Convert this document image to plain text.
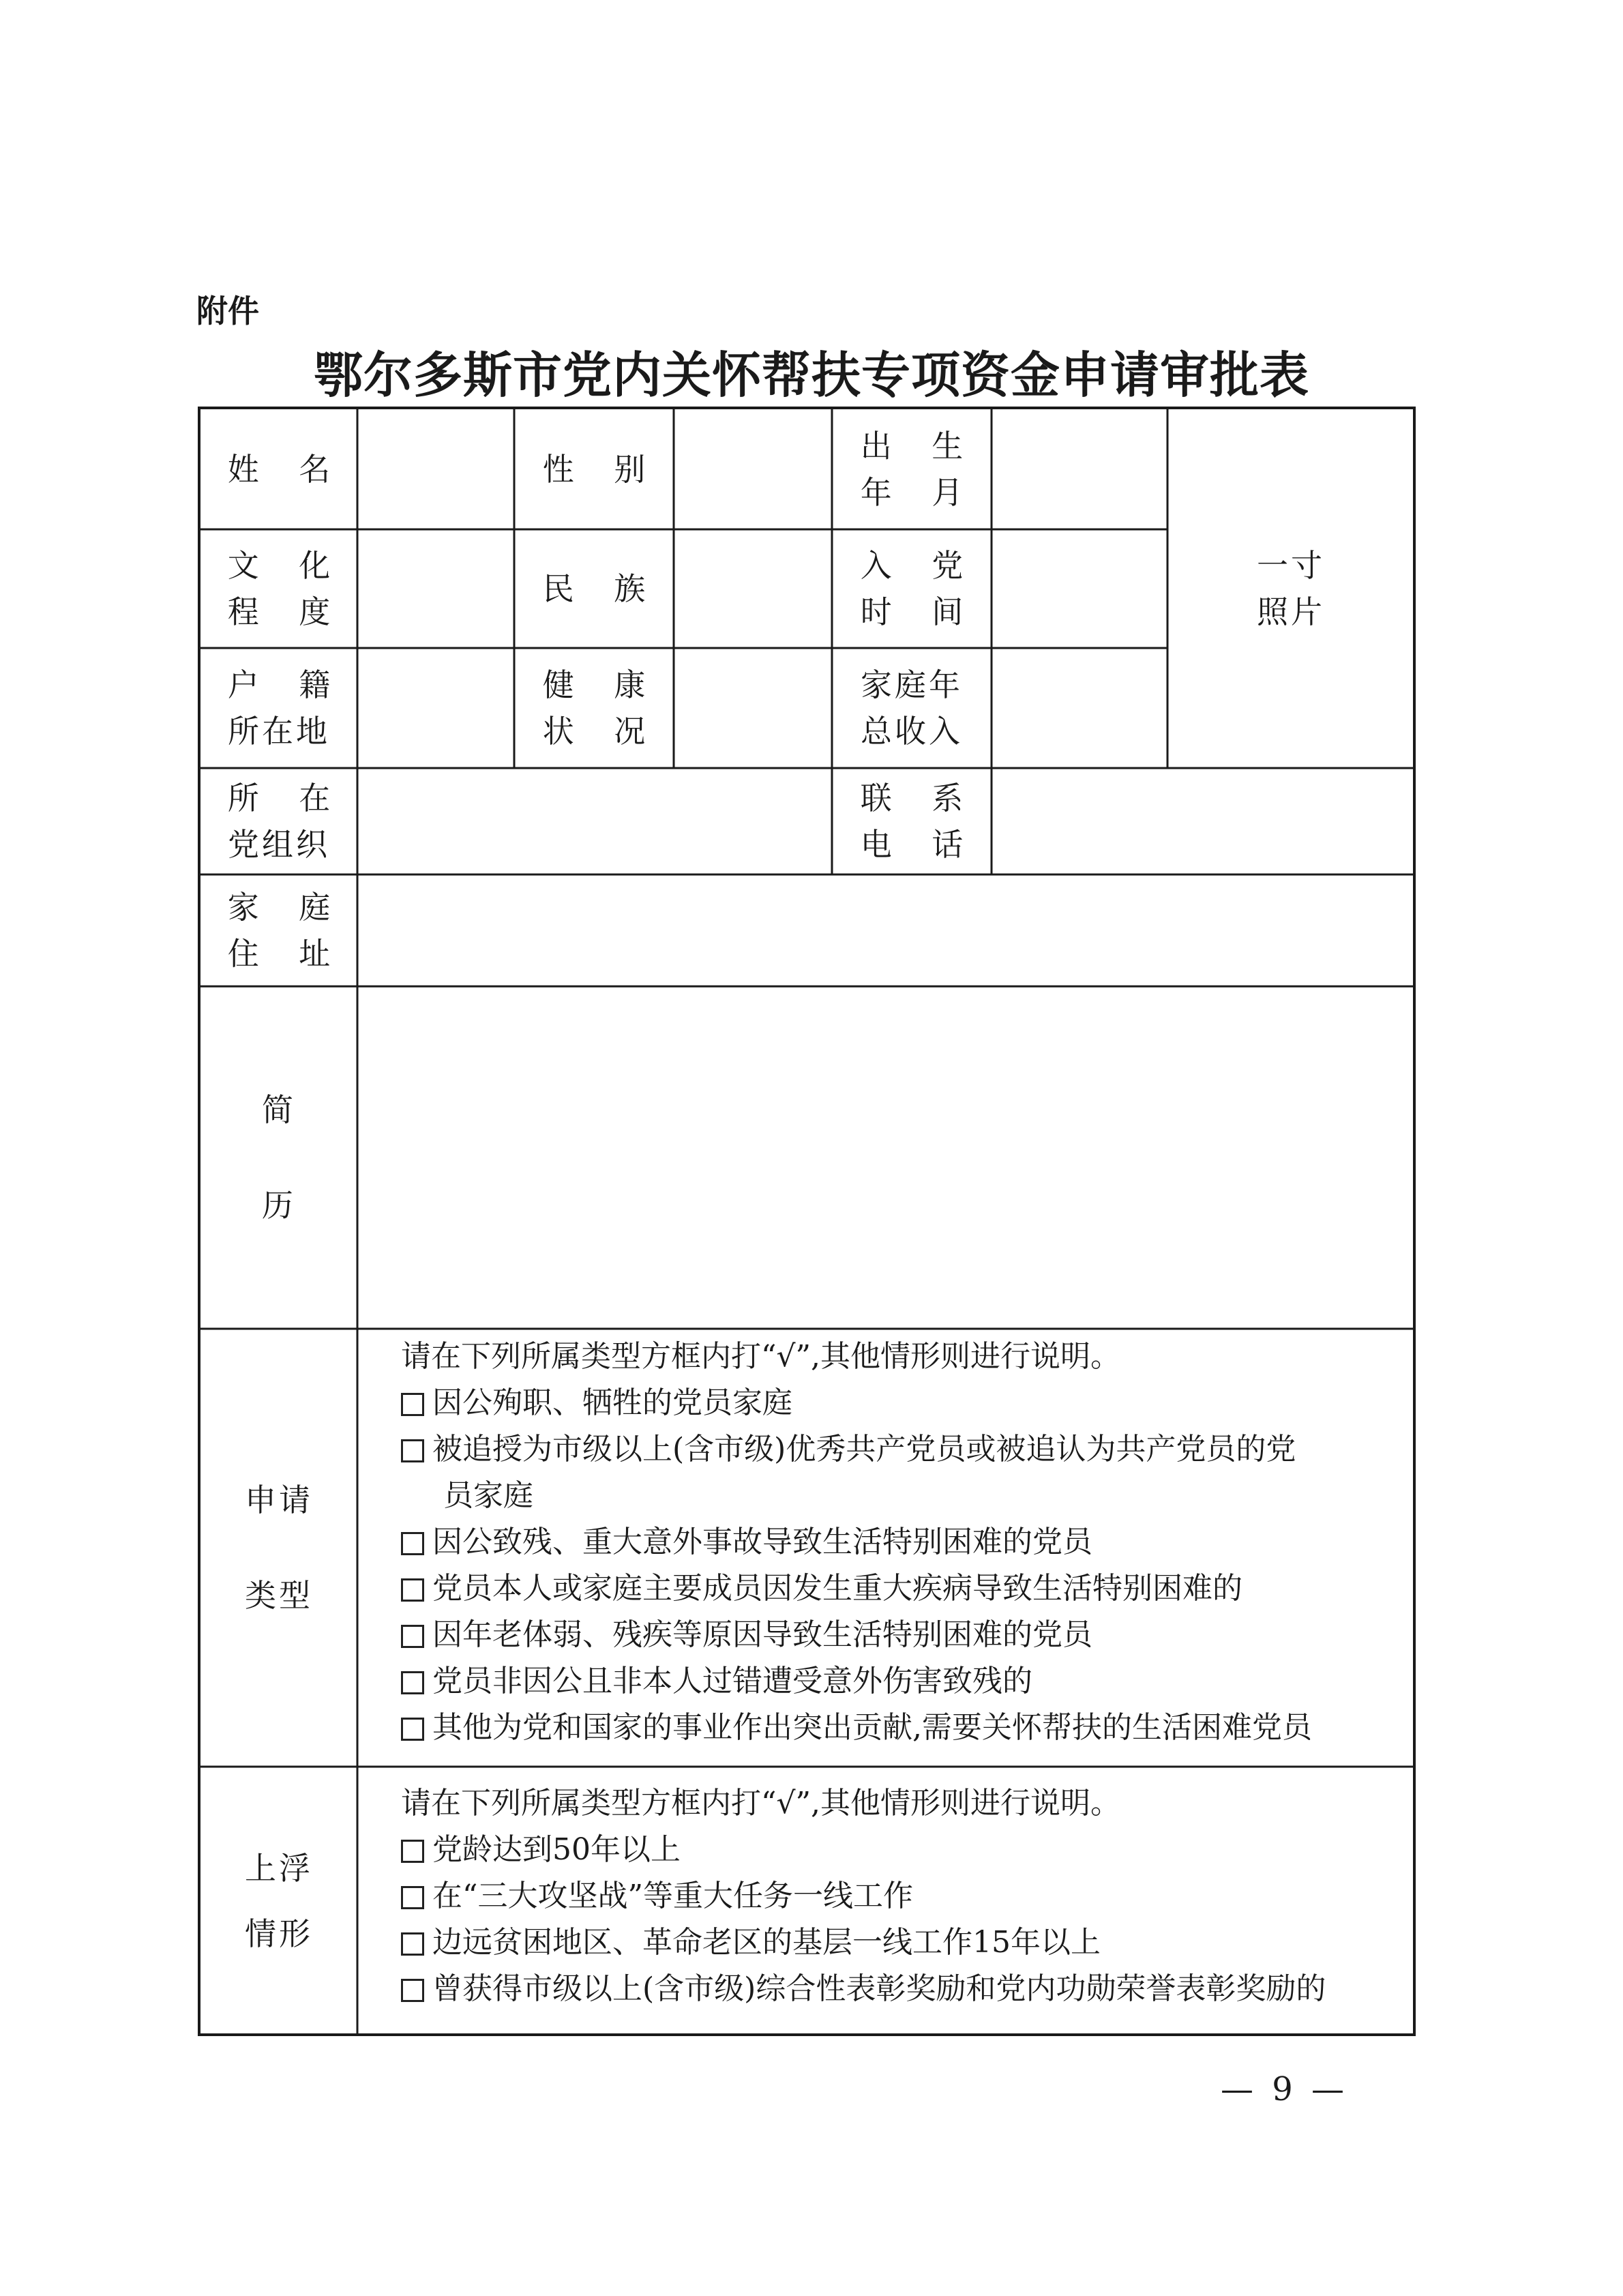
附件
鄂尔多斯市党内关怀帮扶专项资金申请审批表
姓 名	性 别
出 生
年 月
一寸
照片
文 化
程 度
民 族
入 党
时 间
户 籍
所在地
健 康
状 况
家庭年
总收入
所 在
党组织
联 系
电 话
家 庭
住 址
简
历
申请
类型
请在下列所属类型方框内打“√”,其他情形则进行说明。
因公殉职、牺牲的党员家庭
被追授为市级以上(含市级)优秀共产党员或被追认为共产党员的党
员家庭
因公致残、重大意外事故导致生活特别困难的党员
党员本人或家庭主要成员因发生重大疾病导致生活特别困难的
因年老体弱、残疾等原因导致生活特别困难的党员
党员非因公且非本人过错遭受意外伤害致残的
其他为党和国家的事业作出突出贡献,需要关怀帮扶的生活困难党员
上浮
情形
请在下列所属类型方框内打“√”,其他情形则进行说明。
党龄达到50年以上
在“三大攻坚战”等重大任务一线工作
边远贫困地区、革命老区的基层一线工作15年以上
曾获得市级以上(含市级)综合性表彰奖励和党内功勋荣誉表彰奖励的
— 9 —
